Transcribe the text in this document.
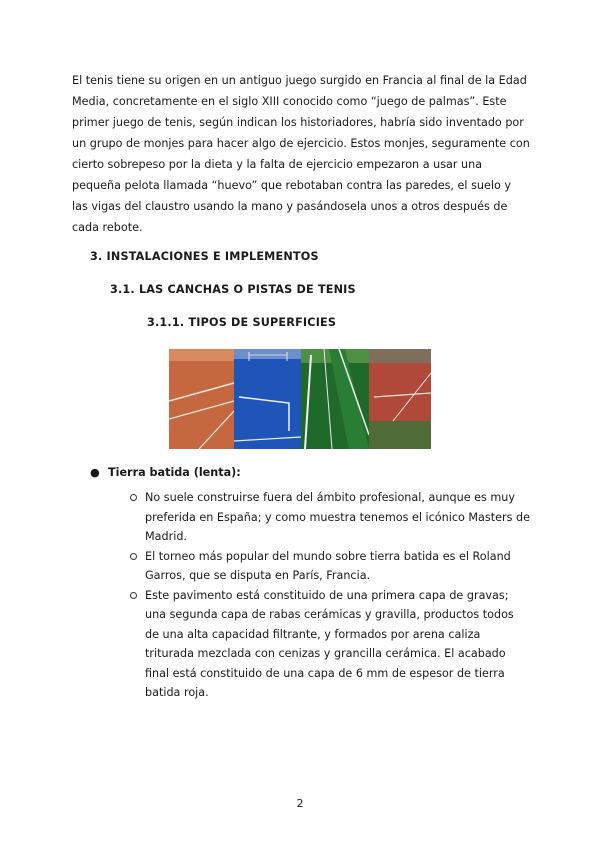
El tenis tiene su origen en un antiguo juego surgido en Francia al final de la Edad Media, concretamente en el siglo XIII conocido como “juego de palmas”. Este primer juego de tenis, según indican los historiadores, habría sido inventado por un grupo de monjes para hacer algo de ejercicio. Estos monjes, seguramente con cierto sobrepeso por la dieta y la falta de ejercicio empezaron a usar una pequeña pelota llamada “huevo” que rebotaban contra las paredes, el suelo y las vigas del claustro usando la mano y pasándosela unos a otros después de cada rebote.

3. INSTALACIONES E IMPLEMENTOS
3.1. LAS CANCHAS O PISTAS DE TENIS
3.1.1. TIPOS DE SUPERFICIES
● Tierra batida (lenta):
No suele construirse fuera del ámbito profesional, aunque es muy preferida en España; y como muestra tenemos el icónico Masters de Madrid.
El torneo más popular del mundo sobre tierra batida es el Roland Garros, que se disputa en París, Francia.
Este pavimento está constituido de una primera capa de gravas; una segunda capa de rabas cerámicas y gravilla, productos todos de una alta capacidad filtrante, y formados por arena caliza triturada mezclada con cenizas y grancilla cerámica. El acabado final está constituido de una capa de 6 mm de espesor de tierra batida roja.
2
